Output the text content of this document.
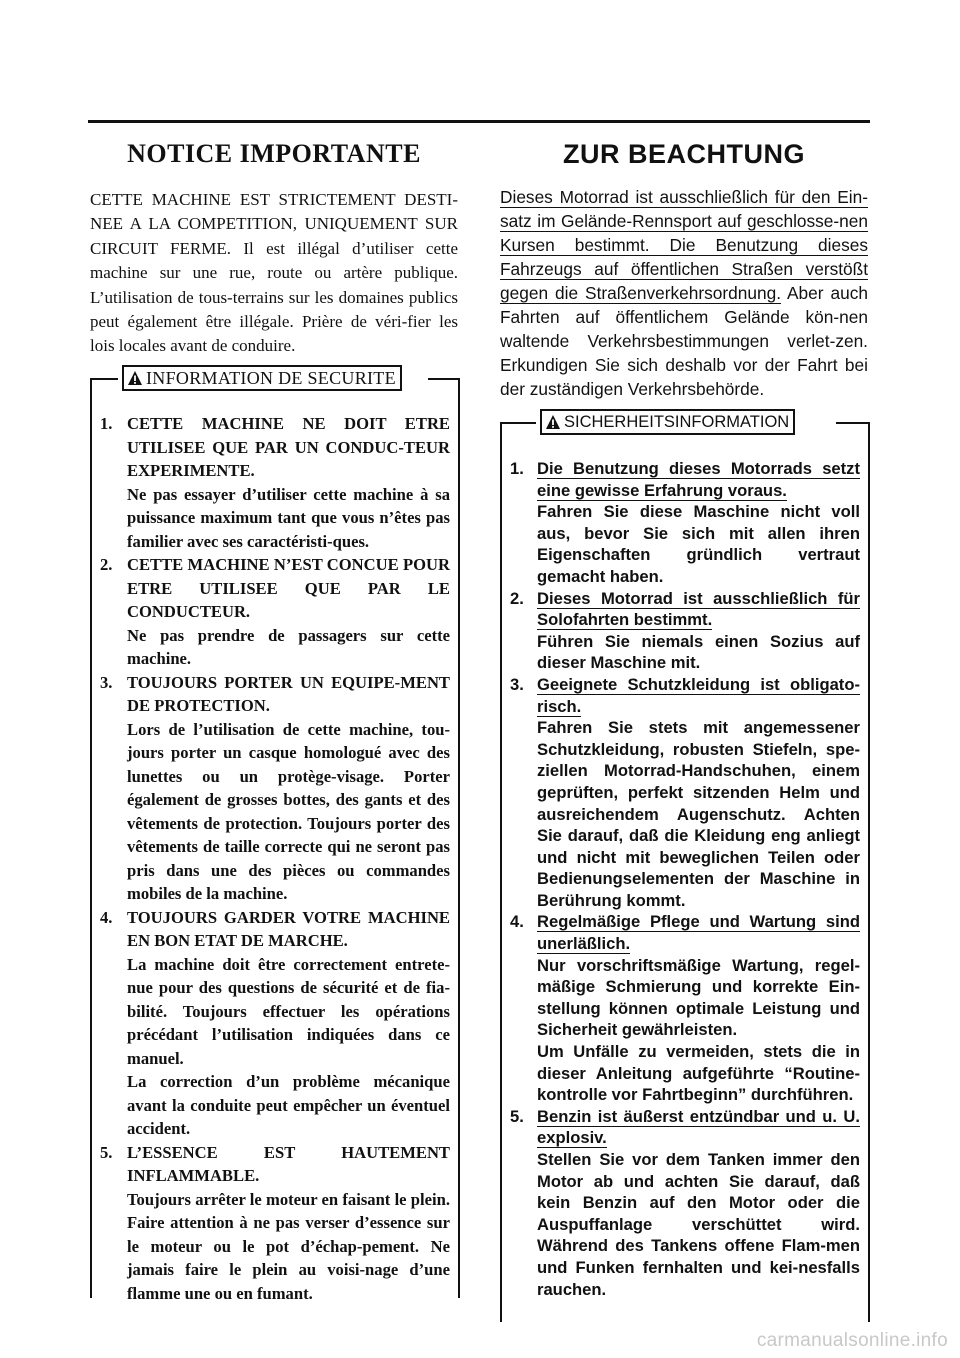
NOTICE IMPORTANTE
CETTE MACHINE EST STRICTEMENT DESTI-NEE A LA COMPETITION, UNIQUEMENT SUR CIRCUIT FERME. Il est illégal d’utiliser cette machine sur une rue, route ou artère publique. L’utilisation de tous-terrains sur les domaines publics peut également être illégale. Prière de véri-fier les lois locales avant de conduire.
INFORMATION DE SECURITE
1. CETTE MACHINE NE DOIT ETRE UTILISEE QUE PAR UN CONDUC-TEUR EXPERIMENTE.
Ne pas essayer d’utiliser cette machine à sa puissance maximum tant que vous n’êtes pas familier avec ses caractéristi-ques.
2. CETTE MACHINE N’EST CONCUE POUR ETRE UTILISEE QUE PAR LE CONDUCTEUR.
Ne pas prendre de passagers sur cette machine.
3. TOUJOURS PORTER UN EQUIPE-MENT DE PROTECTION.
Lors de l’utilisation de cette machine, tou-jours porter un casque homologué avec des lunettes ou un protège-visage. Porter également de grosses bottes, des gants et des vêtements de protection. Toujours porter des vêtements de taille correcte qui ne seront pas pris dans une des pièces ou commandes mobiles de la machine.
4. TOUJOURS GARDER VOTRE MACHINE EN BON ETAT DE MARCHE.
La machine doit être correctement entrete-nue pour des questions de sécurité et de fia-bilité. Toujours effectuer les opérations précédant l’utilisation indiquées dans ce manuel.
La correction d’un problème mécanique avant la conduite peut empêcher un éventuel accident.
5. L’ESSENCE EST HAUTEMENT INFLAMMABLE.
Toujours arrêter le moteur en faisant le plein. Faire attention à ne pas verser d’essence sur le moteur ou le pot d’échap-pement. Ne jamais faire le plein au voisi-nage d’une flamme une ou en fumant.
ZUR BEACHTUNG
Dieses Motorrad ist ausschließlich für den Ein-satz im Gelände-Rennsport auf geschlosse-nen Kursen bestimmt. Die Benutzung dieses Fahrzeugs auf öffentlichen Straßen verstößt gegen die Straßenverkehrsordnung. Aber auch Fahrten auf öffentlichem Gelände kön-nen waltende Verkehrsbestimmungen verlet-zen. Erkundigen Sie sich deshalb vor der Fahrt bei der zuständigen Verkehrsbehörde.
SICHERHEITSINFORMATION
1. Die Benutzung dieses Motorrads setzt eine gewisse Erfahrung voraus.
Fahren Sie diese Maschine nicht voll aus, bevor Sie sich mit allen ihren Eigenschaften gründlich vertraut gemacht haben.
2. Dieses Motorrad ist ausschließlich für Solofahrten bestimmt.
Führen Sie niemals einen Sozius auf dieser Maschine mit.
3. Geeignete Schutzkleidung ist obligato-risch.
Fahren Sie stets mit angemessener Schutzkleidung, robusten Stiefeln, spe-ziellen Motorrad-Handschuhen, einem geprüften, perfekt sitzenden Helm und ausreichendem Augenschutz. Achten Sie darauf, daß die Kleidung eng anliegt und nicht mit beweglichen Teilen oder Bedienungselementen der Maschine in Berührung kommt.
4. Regelmäßige Pflege und Wartung sind unerläßlich.
Nur vorschriftsmäßige Wartung, regel-mäßige Schmierung und korrekte Ein-stellung können optimale Leistung und Sicherheit gewährleisten.
Um Unfälle zu vermeiden, stets die in dieser Anleitung aufgeführte “Routine-kontrolle vor Fahrtbeginn” durchführen.
5. Benzin ist äußerst entzündbar und u. U. explosiv.
Stellen Sie vor dem Tanken immer den Motor ab und achten Sie darauf, daß kein Benzin auf den Motor oder die Auspuffanlage verschüttet wird. Während des Tankens offene Flam-men und Funken fernhalten und kei-nesfalls rauchen.
carmanualsonline.info
